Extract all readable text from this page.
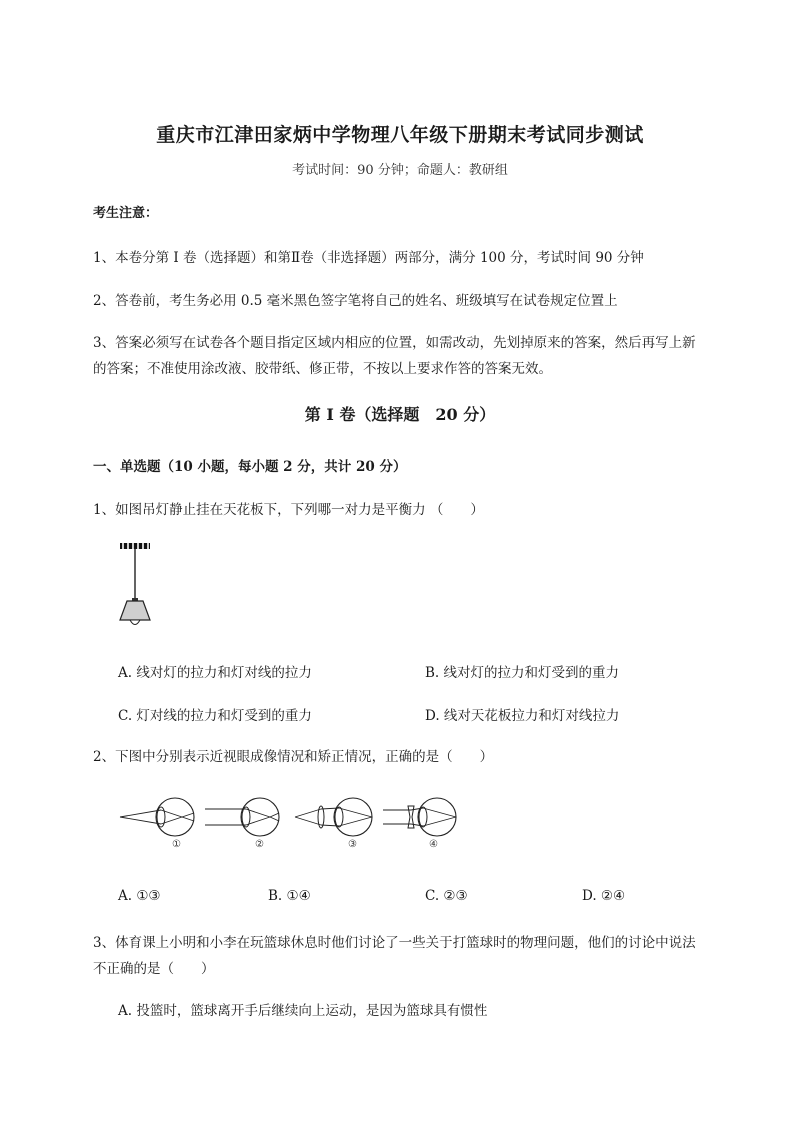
重庆市江津田家炳中学物理八年级下册期末考试同步测试
考试时间：90 分钟；命题人：教研组
考生注意：
1、本卷分第 I 卷（选择题）和第Ⅱ卷（非选择题）两部分，满分 100 分，考试时间 90 分钟
2、答卷前，考生务必用 0.5 毫米黑色签字笔将自己的姓名、班级填写在试卷规定位置上
3、答案必须写在试卷各个题目指定区域内相应的位置，如需改动，先划掉原来的答案，然后再写上新
的答案；不准使用涂改液、胶带纸、修正带，不按以上要求作答的答案无效。
第 I 卷（选择题　20 分）
一、单选题（10 小题，每小题 2 分，共计 20 分）
1、如图吊灯静止挂在天花板下，下列哪一对力是平衡力 （　　）
A. 线对灯的拉力和灯对线的拉力	B. 线对灯的拉力和灯受到的重力
C. 灯对线的拉力和灯受到的重力	D. 线对天花板拉力和灯对线拉力
2、下图中分别表示近视眼成像情况和矫正情况，正确的是（　　）
①	②	③	④
A. ①③	B. ①④	C. ②③	D. ②④
3、体育课上小明和小李在玩篮球休息时他们讨论了一些关于打篮球时的物理问题，他们的讨论中说法
不正确的是（　　）
A. 投篮时，篮球离开手后继续向上运动，是因为篮球具有惯性
